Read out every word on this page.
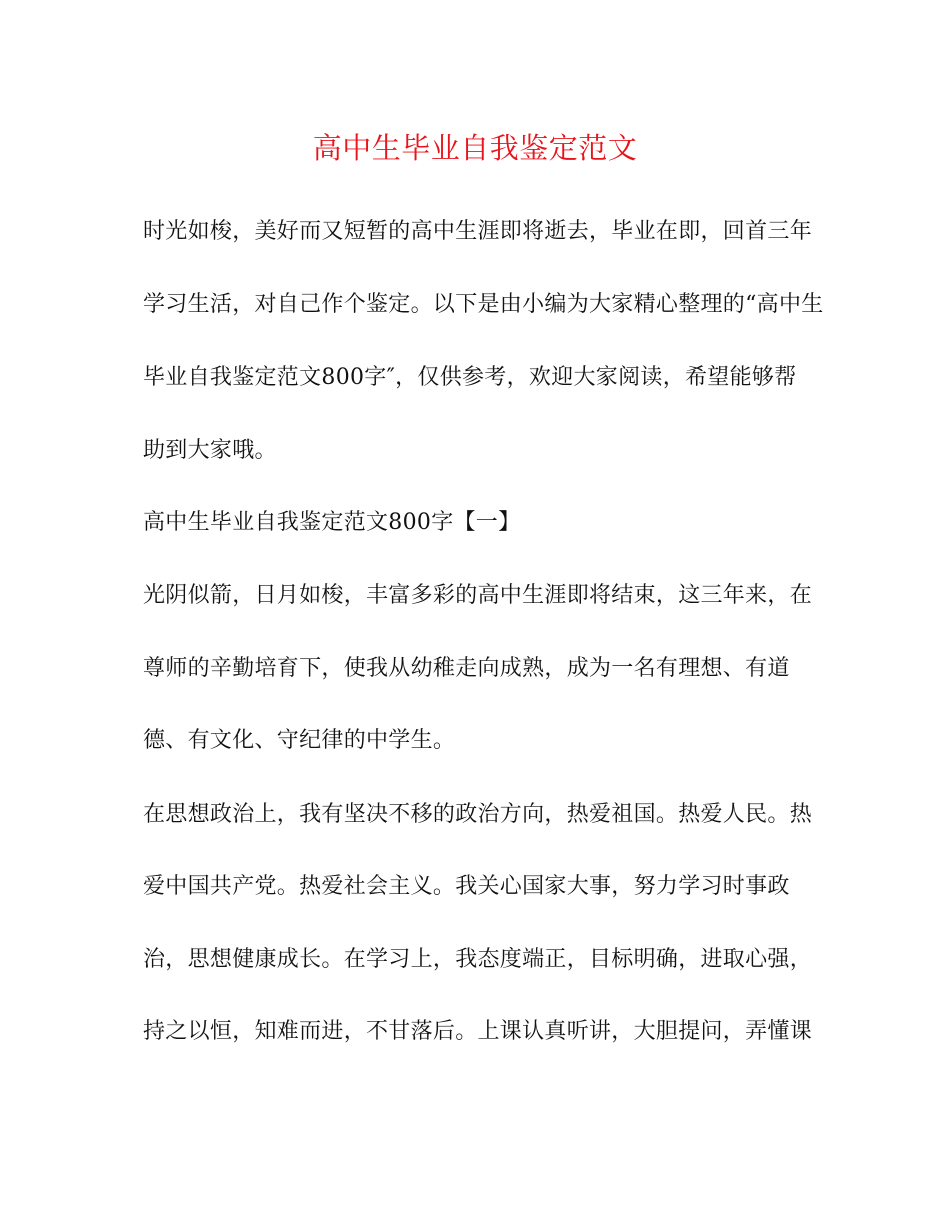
高中生毕业自我鉴定范文

时光如梭，美好而又短暂的高中生涯即将逝去，毕业在即，回首三年

学习生活，对自己作个鉴定。以下是由小编为大家精心整理的“高中生

毕业自我鉴定范文800字″，仅供参考，欢迎大家阅读，希望能够帮

助到大家哦。

高中生毕业自我鉴定范文800字【一】

光阴似箭，日月如梭，丰富多彩的高中生涯即将结束，这三年来，在

尊师的辛勤培育下，使我从幼稚走向成熟，成为一名有理想、有道

德、有文化、守纪律的中学生。

在思想政治上，我有坚决不移的政治方向，热爱祖国。热爱人民。热

爱中国共产党。热爱社会主义。我关心国家大事，努力学习时事政

治，思想健康成长。在学习上，我态度端正，目标明确，进取心强，

持之以恒，知难而进，不甘落后。上课认真听讲，大胆提问，弄懂课
